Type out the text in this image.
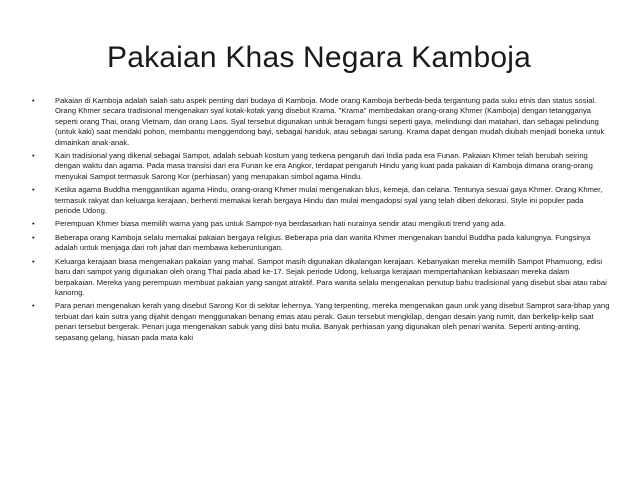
Pakaian Khas Negara Kamboja
•	Pakaian di Kamboja adalah salah satu aspek penting dari budaya di Kamboja. Mode orang Kamboja berbeda-beda tergantung pada suku etnis dan status sosial. Orang Khmer secara tradisional mengenakan syal kotak-kotak yang disebut Krama. "Krama" membedakan orang-orang Khmer (Kamboja) dengan tetangganya seperti orang Thai, orang Vietnam, dan orang Laos. Syal tersebut digunakan untuk beragam fungsi seperti gaya, melindungi dari matahari, dan sebagai pelindung (untuk kaki) saat mendaki pohon, membantu menggendong bayi, sebagai handuk, atau sebagai sarung. Krama dapat dengan mudah diubah menjadi boneka untuk dimainkan anak-anak.
•	Kain tradisional yang dikenal sebagai Sampot, adalah sebuah kostum yang terkena pengaruh dari India pada era Funan. Pakaian Khmer telah berubah seiring dengan waktu dan agama. Pada masa transisi dari era Funan ke era Angkor, terdapat pengaruh Hindu yang kuat pada pakaian di Kamboja dimana orang-orang menyukai Sampot termasuk Sarong Kor (perhiasan) yang merupakan simbol agama Hindu.
•	Ketika agama Buddha menggantikan agama Hindu, orang-orang Khmer mulai mengenakan blus, kemeja, dan celana. Tentunya sesuai gaya Khmer. Orang Khmer, termasuk rakyat dan keluarga kerajaan, berhenti memakai kerah bergaya Hindu dan mulai mengadopsi syal yang telah diberi dekorasi. Style ini populer pada periode Udong.
•	Perempuan Khmer biasa memilih warna yang pas untuk Sampot-nya berdasarkan hati nurainya sendir atau mengikuti trend yang ada.
•	Beberapa orang Kamboja selalu memakai pakaian bergaya religius. Beberapa pria dan wanita Khmer mengenakan bandul Buddha pada kalungnya. Fungsinya adalah untuk menjaga dari roh jahat dan membawa keberuntungan.
•	Keluarga kerajaan biasa mengenakan pakaian yang mahal. Sampot masih digunakan dikalangan kerajaan. Kebanyakan mereka memilih Sampot Phamuong, edisi baru dari sampot yang digunakan oleh orang Thai pada abad ke-17. Sejak periode Udong, keluarga kerajaan mempertahankan kebiasaan mereka dalam berpakaian. Mereka yang perempuan membuat pakaian yang sangat atraktif. Para wanita selalu mengenakan penutup bahu tradisional yang disebut sbai atau rabai kanorng.
•	Para penari mengenakan kerah yang disebut Sarong Kor di sekitar lehernya. Yang terpenting, mereka mengenakan gaun unik yang disebut Samprot sara-bhap yang terbuat dari kain sutra yang dijahit dengan menggunakan benang emas atau perak. Gaun tersebut mengkilap, dengan desain yang rumit, dan berkelip-kelip saat penari tersebut bergerak. Penari juga mengenakan sabuk yang diisi batu mulia. Banyak perhiasan yang digunakan oleh penari wanita. Seperti anting-anting, sepasang gelang, hiasan pada mata kaki
